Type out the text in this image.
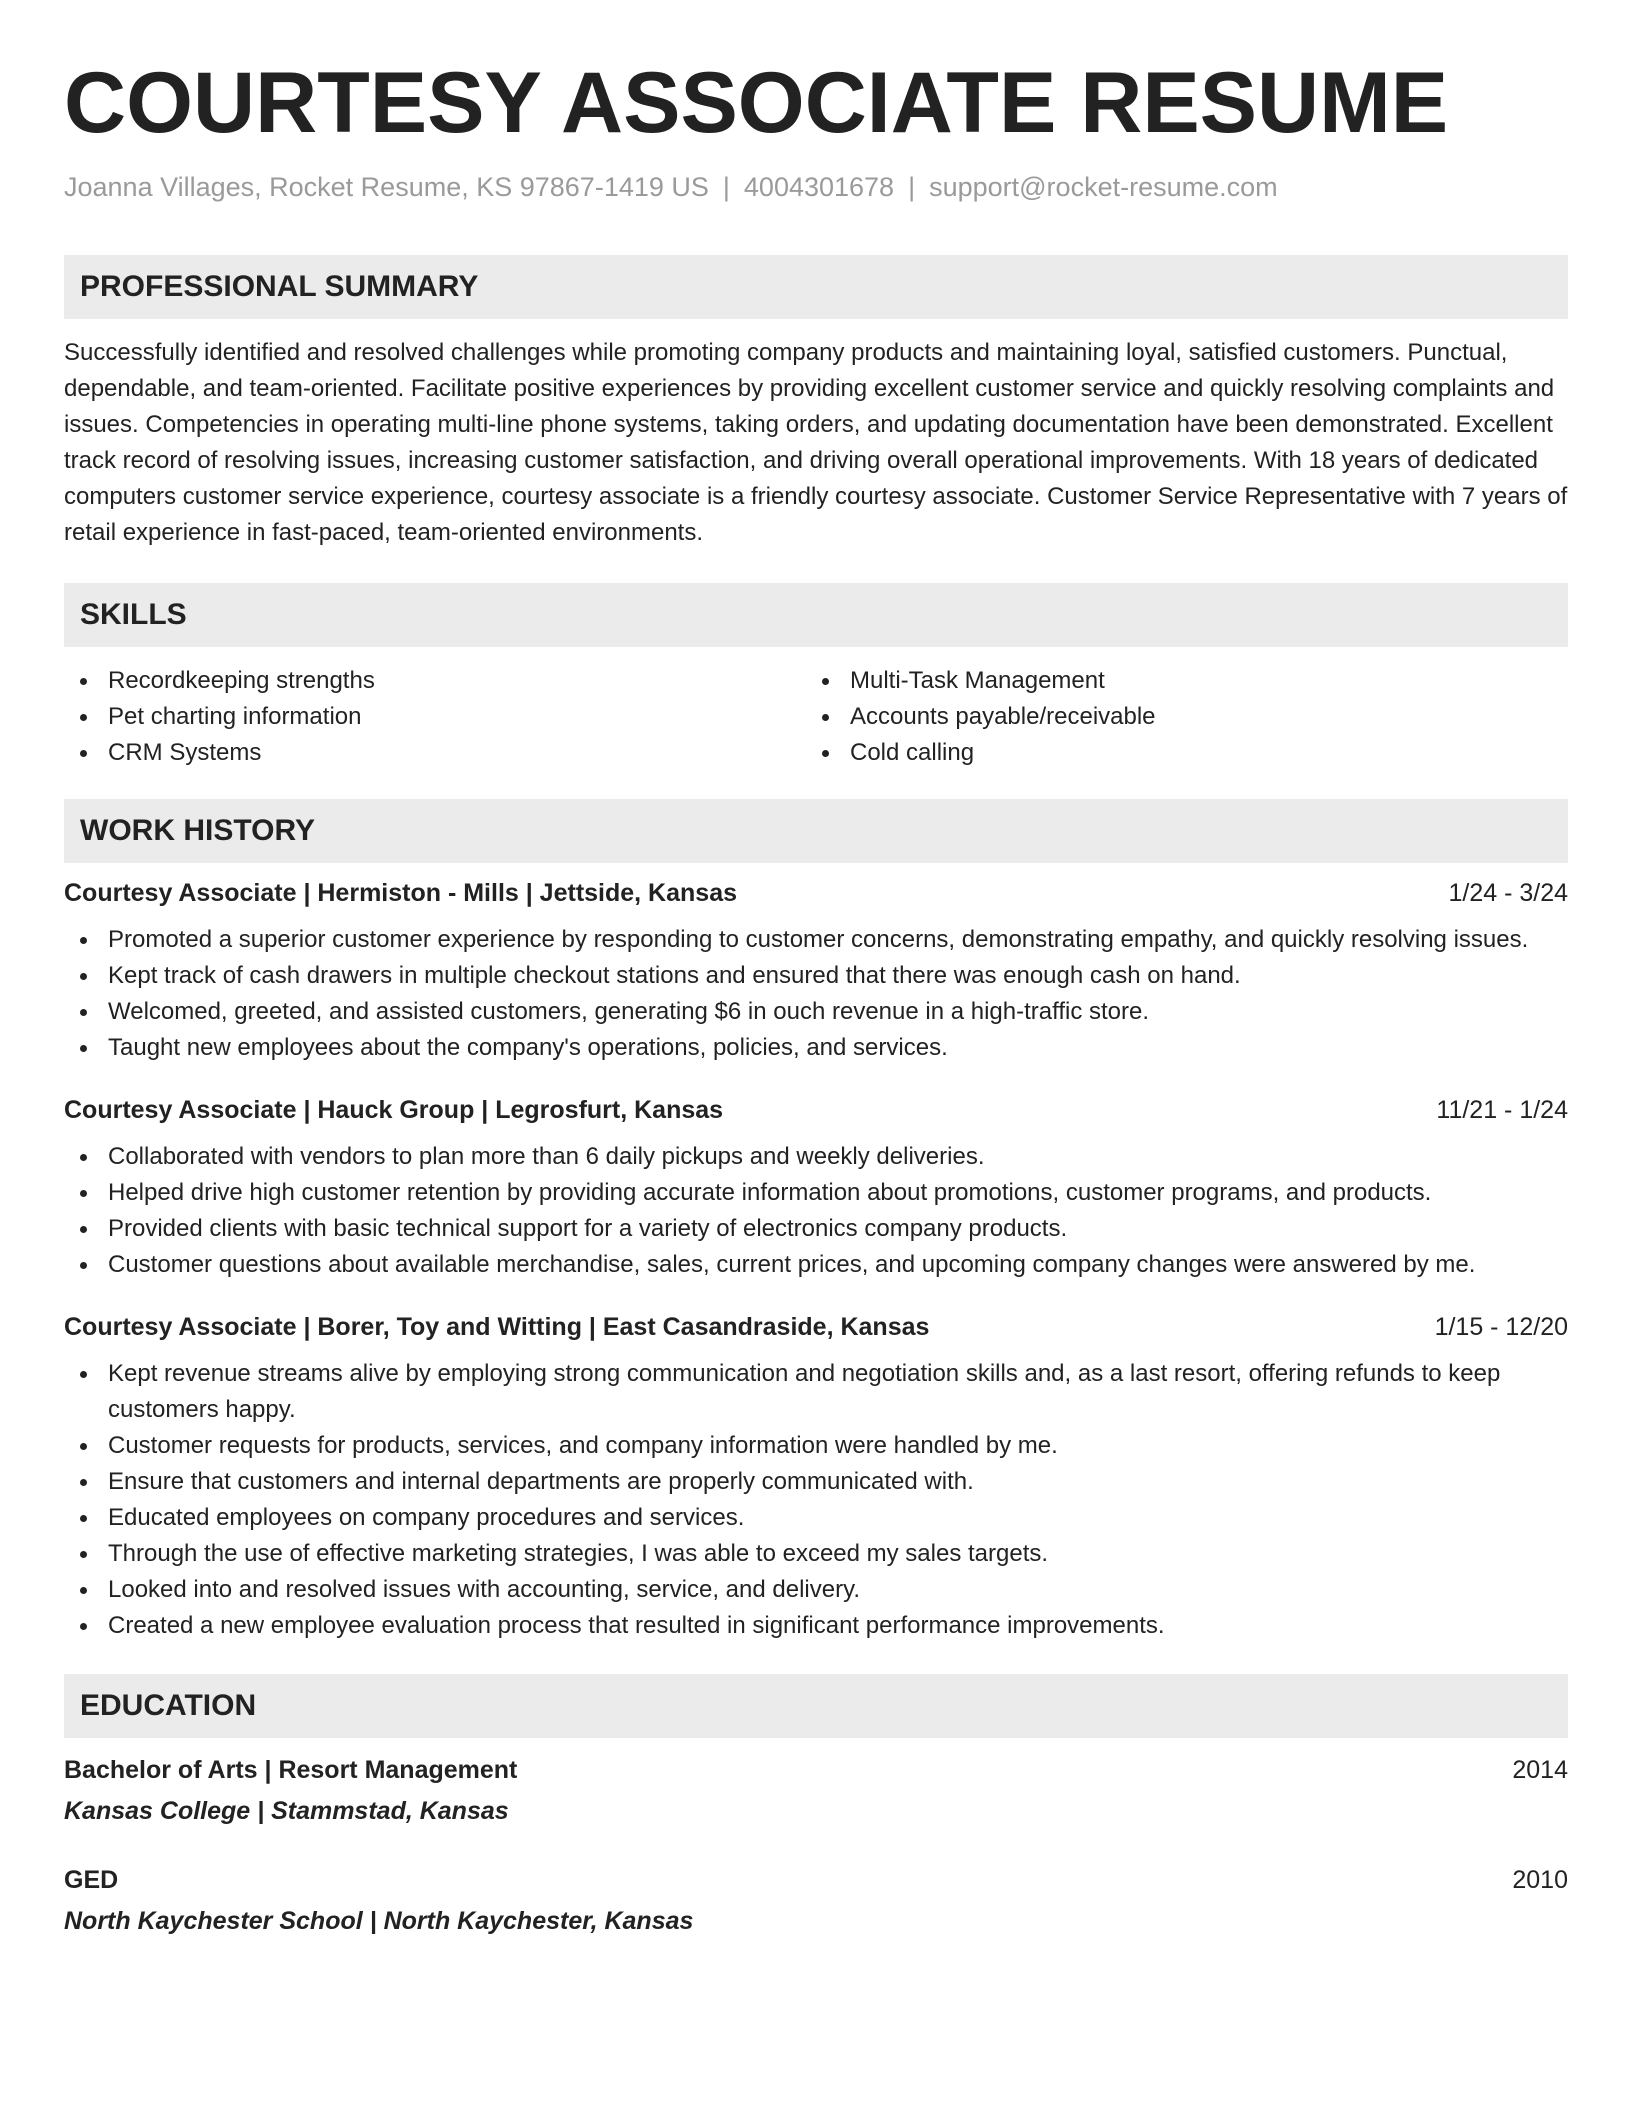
COURTESY ASSOCIATE RESUME
Joanna Villages, Rocket Resume, KS 97867-1419 US | 4004301678 | support@rocket-resume.com
PROFESSIONAL SUMMARY

Successfully identified and resolved challenges while promoting company products and maintaining loyal, satisfied customers. Punctual, dependable, and team-oriented. Facilitate positive experiences by providing excellent customer service and quickly resolving complaints and issues. Competencies in operating multi-line phone systems, taking orders, and updating documentation have been demonstrated. Excellent track record of resolving issues, increasing customer satisfaction, and driving overall operational improvements. With 18 years of dedicated computers customer service experience, courtesy associate is a friendly courtesy associate. Customer Service Representative with 7 years of retail experience in fast-paced, team-oriented environments.

SKILLS
Recordkeeping strengths
Pet charting information
CRM Systems
Multi-Task Management
Accounts payable/receivable
Cold calling
WORK HISTORY
Courtesy Associate | Hermiston - Mills | Jettside, Kansas	1/24 - 3/24
Promoted a superior customer experience by responding to customer concerns, demonstrating empathy, and quickly resolving issues.
Kept track of cash drawers in multiple checkout stations and ensured that there was enough cash on hand.
Welcomed, greeted, and assisted customers, generating $6 in ouch revenue in a high-traffic store.
Taught new employees about the company's operations, policies, and services.
Courtesy Associate | Hauck Group | Legrosfurt, Kansas	11/21 - 1/24
Collaborated with vendors to plan more than 6 daily pickups and weekly deliveries.
Helped drive high customer retention by providing accurate information about promotions, customer programs, and products.
Provided clients with basic technical support for a variety of electronics company products.
Customer questions about available merchandise, sales, current prices, and upcoming company changes were answered by me.
Courtesy Associate | Borer, Toy and Witting | East Casandraside, Kansas	1/15 - 12/20
Kept revenue streams alive by employing strong communication and negotiation skills and, as a last resort, offering refunds to keep customers happy.
Customer requests for products, services, and company information were handled by me.
Ensure that customers and internal departments are properly communicated with.
Educated employees on company procedures and services.
Through the use of effective marketing strategies, I was able to exceed my sales targets.
Looked into and resolved issues with accounting, service, and delivery.
Created a new employee evaluation process that resulted in significant performance improvements.
EDUCATION
Bachelor of Arts | Resort Management	2014
Kansas College | Stammstad, Kansas
GED	2010
North Kaychester School | North Kaychester, Kansas
